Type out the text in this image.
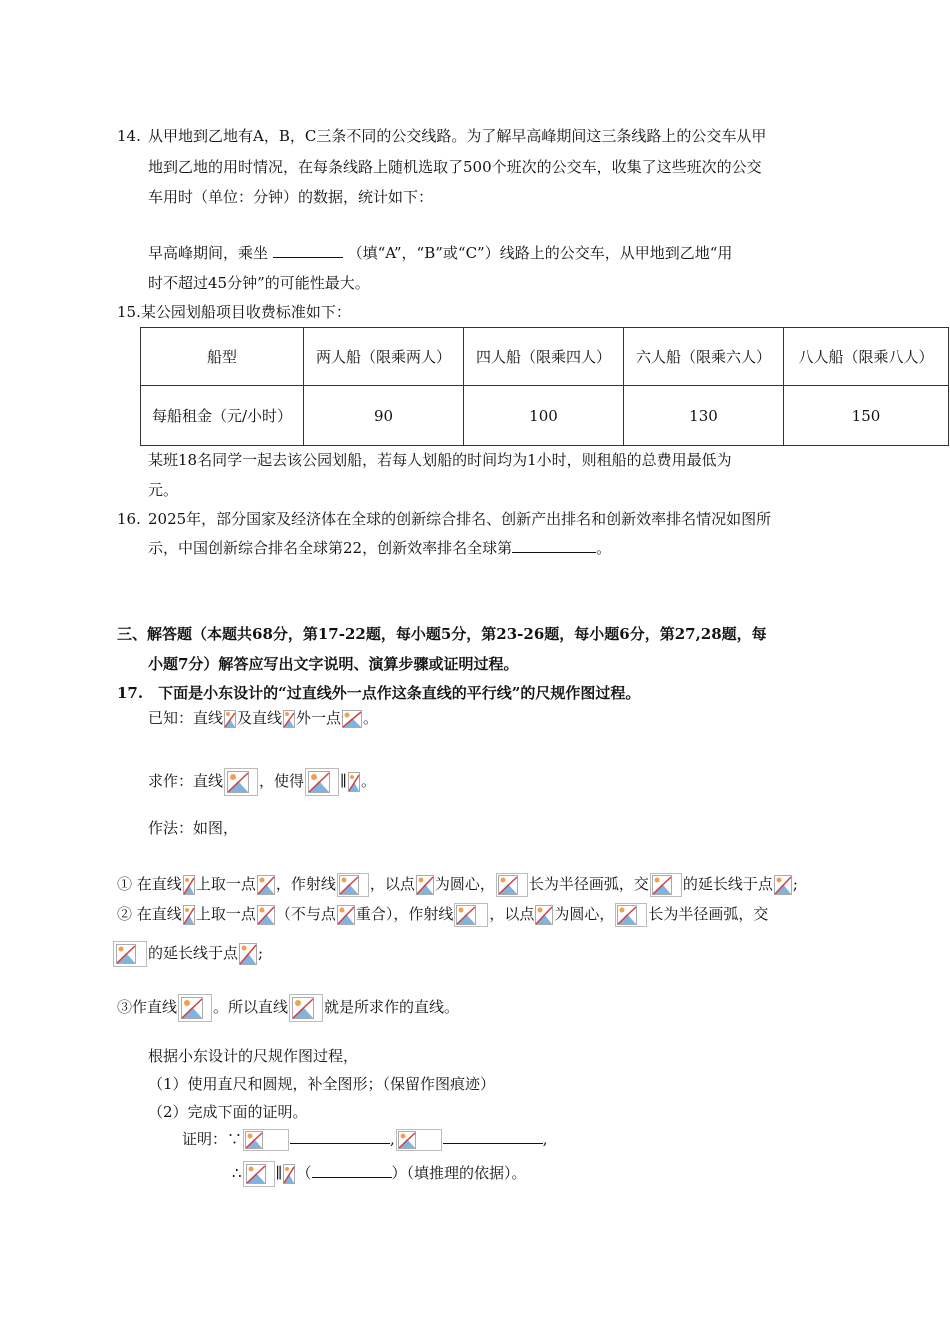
14. 从甲地到乙地有A，B，C三条不同的公交线路。为了解早高峰期间这三条线路上的公交车从甲
地到乙地的用时情况，在每条线路上随机选取了500个班次的公交车，收集了这些班次的公交
车用时（单位：分钟）的数据，统计如下：
早高峰期间，乘坐	（填“A”，“B”或“C”）线路上的公交车，从甲地到乙地“用
时不超过45分钟”的可能性最大。
15.某公园划船项目收费标准如下：
船型	两人船（限乘两人）	四人船（限乘四人）	六人船（限乘六人）	八人船（限乘八人）
每船租金（元/小时）	90	100	130	150
某班18名同学一起去该公园划船，若每人划船的时间均为1小时，则租船的总费用最低为
元。
16. 2025年，部分国家及经济体在全球的创新综合排名、创新产出排名和创新效率排名情况如图所
示，中国创新综合排名全球第22，创新效率排名全球第	。
三、解答题（本题共68分，第17-22题，每小题5分，第23-26题，每小题6分，第27,28题，每
小题7分）解答应写出文字说明、演算步骤或证明过程。
17.　下面是小东设计的“过直线外一点作这条直线的平行线”的尺规作图过程。
已知：直线 及直线 外一点 。
求作：直线 ，使得 ∥ 。
作法：如图，
① 在直线 上取一点 ，作射线 ，以点 为圆心， 长为半径画弧，交 的延长线于点 ;
② 在直线 上取一点 （不与点 重合），作射线 ，以点 为圆心， 长为半径画弧，交
的延长线于点 ;
③作直线 。所以直线 就是所求作的直线。
根据小东设计的尺规作图过程，
（1）使用直尺和圆规，补全图形；（保留作图痕迹）
（2）完成下面的证明。
证明：∵	,	,
∴ ∥ （	）（填推理的依据）。
